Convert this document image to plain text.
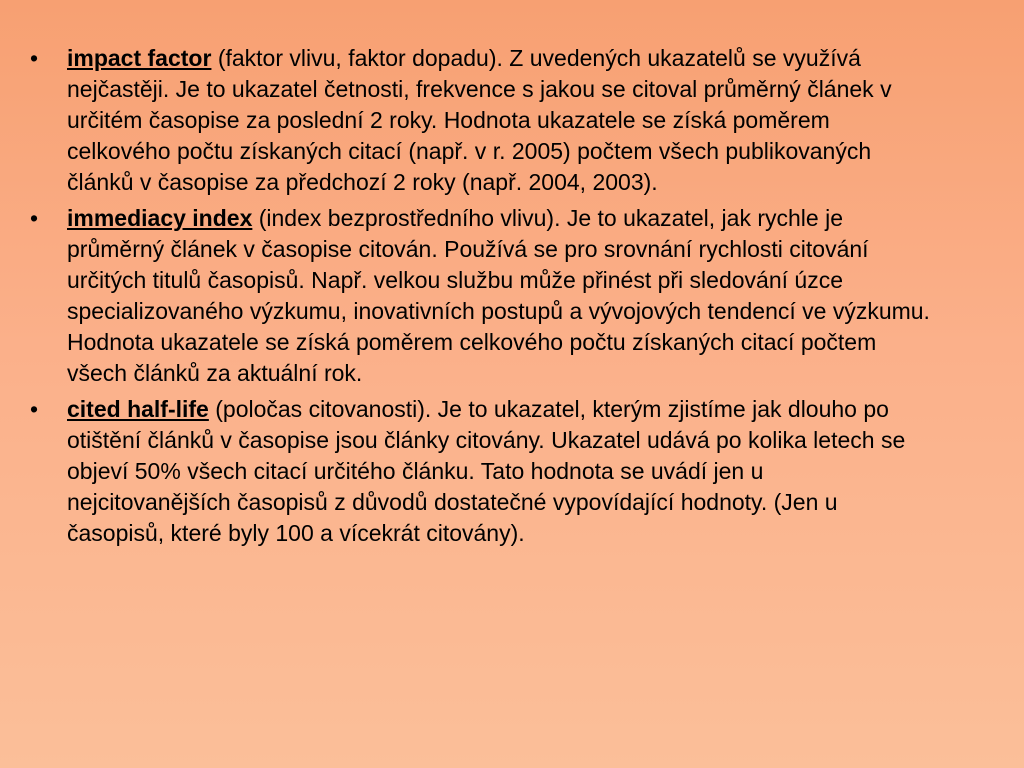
•	impact factor (faktor vlivu, faktor dopadu). Z uvedených ukazatelů se využívá nejčastěji. Je to ukazatel četnosti, frekvence s jakou se citoval průměrný článek v určitém časopise za poslední 2 roky. Hodnota ukazatele se získá poměrem celkového počtu získaných citací (např. v r. 2005) počtem všech publikovaných článků v časopise za předchozí 2 roky (např. 2004, 2003).
•	immediacy index (index bezprostředního vlivu). Je to ukazatel, jak rychle je průměrný článek v časopise citován. Používá se pro srovnání rychlosti citování určitých titulů časopisů. Např. velkou službu může přinést při sledování úzce specializovaného výzkumu, inovativních postupů a vývojových tendencí ve výzkumu. Hodnota ukazatele se získá poměrem celkového počtu získaných citací počtem všech článků za aktuální rok.
•	cited half-life (poločas citovanosti). Je to ukazatel, kterým zjistíme jak dlouho po otištění článků v časopise jsou články citovány. Ukazatel udává po kolika letech se objeví 50% všech citací určitého článku. Tato hodnota se uvádí jen u nejcitovanějších časopisů z důvodů dostatečné vypovídající hodnoty. (Jen u časopisů, které byly 100 a vícekrát citovány).
